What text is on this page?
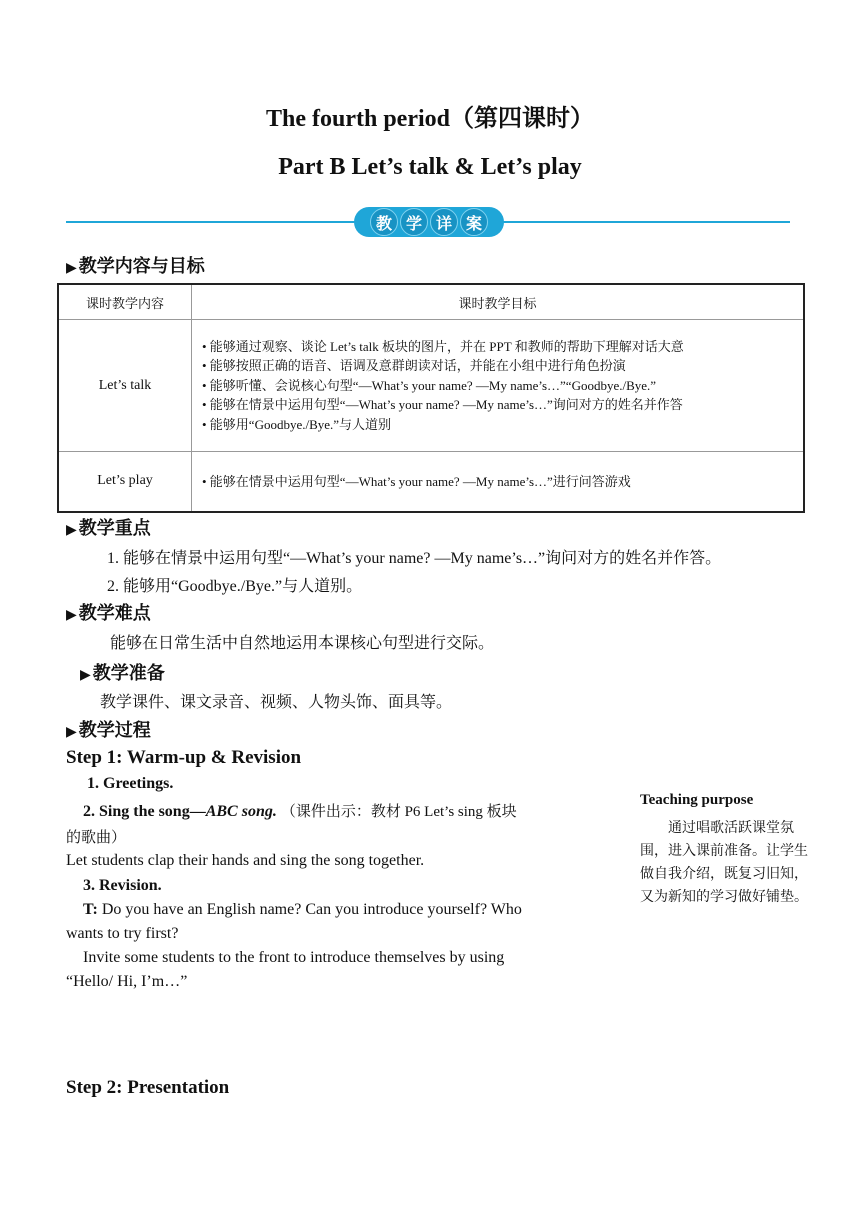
The fourth period（第四课时）
Part B Let’s talk & Let’s play
教 学 详 案
▶ 教学内容与目标
课时教学内容	课时教学目标
Let’s talk	• 能够通过观察、谈论 Let’s talk 板块的图片，并在 PPT 和教师的帮助下理解对话大意
• 能够按照正确的语音、语调及意群朗读对话，并能在小组中进行角色扮演
• 能够听懂、会说核心句型“—What’s your name? —My name’s…”“Goodbye./Bye.”
• 能够在情景中运用句型“—What’s your name? —My name’s…”询问对方的姓名并作答
• 能够用“Goodbye./Bye.”与人道别

Let’s play	• 能够在情景中运用句型“—What’s your name? —My name’s…”进行问答游戏
▶ 教学重点
1. 能够在情景中运用句型“—What’s your name? —My name’s…”询问对方的姓名并作答。
2. 能够用“Goodbye./Bye.”与人道别。
▶ 教学难点
能够在日常生活中自然地运用本课核心句型进行交际。
▶ 教学准备
教学课件、课文录音、视频、人物头饰、面具等。
▶ 教学过程
Step 1: Warm-up & Revision
1. Greetings.
2. Sing the song—ABC song. （课件出示：教材 P6 Let’s sing 板块
的歌曲）
Let students clap their hands and sing the song together.
3. Revision.
T: Do you have an English name? Can you introduce yourself? Who
wants to try first?
Invite some students to the front to introduce themselves by using
“Hello/ Hi, I’m…”
Teaching purpose
通过唱歌活跃课堂氛
围，进入课前准备。让学生
做自我介绍，既复习旧知，
又为新知的学习做好铺垫。
Step 2: Presentation
